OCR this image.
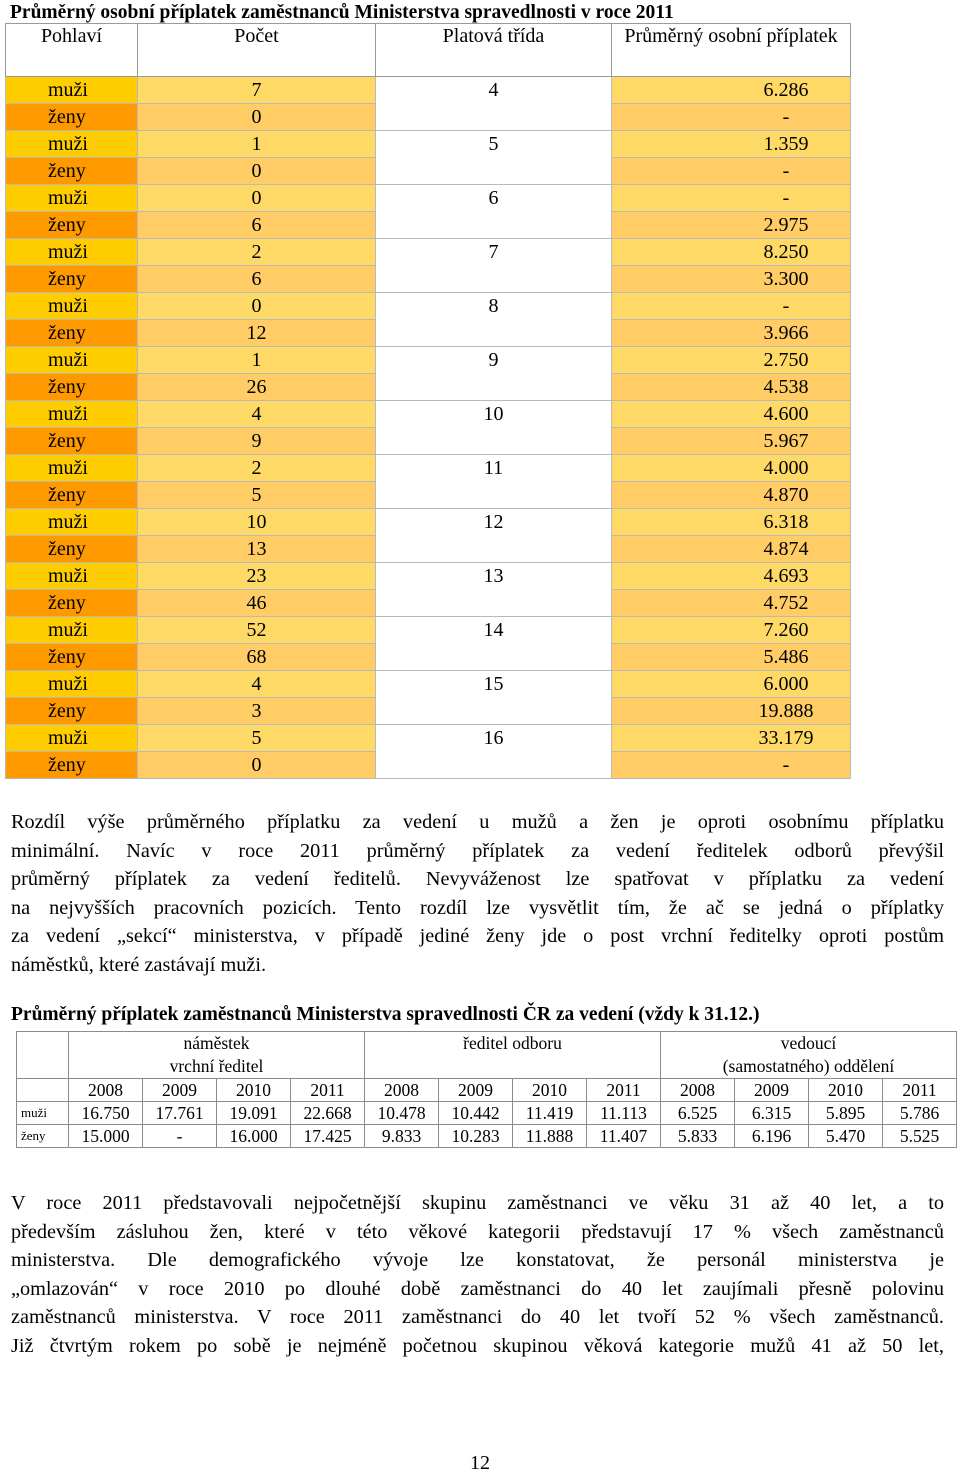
Průměrný osobní příplatek zaměstnanců Ministerstva spravedlnosti v roce 2011
Pohlaví	Počet	Platová třída	Průměrný osobní příplatek
muži	7	4	6.286
ženy	0		-
muži	1	5	1.359
ženy	0		-
muži	0	6	-
ženy	6		2.975
muži	2	7	8.250
ženy	6		3.300
muži	0	8	-
ženy	12		3.966
muži	1	9	2.750
ženy	26		4.538
muži	4	10	4.600
ženy	9		5.967
muži	2	11	4.000
ženy	5		4.870
muži	10	12	6.318
ženy	13		4.874
muži	23	13	4.693
ženy	46		4.752
muži	52	14	7.260
ženy	68		5.486
muži	4	15	6.000
ženy	3		19.888
muži	5	16	33.179
ženy	0		-
Rozdíl výše průměrného příplatku za vedení u mužů a žen je oproti osobnímu příplatku
minimální. Navíc v roce 2011 průměrný příplatek za vedení ředitelek odborů převýšil
průměrný příplatek za vedení ředitelů. Nevyváženost lze spatřovat v příplatku za vedení
na nejvyšších pracovních pozicích. Tento rozdíl lze vysvětlit tím, že ač se jedná o příplatky
za vedení „sekcí“ ministerstva, v případě jediné ženy jde o post vrchní ředitelky oproti postům
náměstků, které zastávají muži.
Průměrný příplatek zaměstnanců Ministerstva spravedlnosti ČR za vedení (vždy k 31.12.)
	náměstek
vrchní ředitel				ředitel odboru				vedoucí
(samostatného) oddělení			
	2008	2009	2010	2011	2008	2009	2010	2011	2008	2009	2010	2011
muži	16.750	17.761	19.091	22.668	10.478	10.442	11.419	11.113	6.525	6.315	5.895	5.786
ženy	15.000	-	16.000	17.425	9.833	10.283	11.888	11.407	5.833	6.196	5.470	5.525
V roce 2011 představovali nejpočetnější skupinu zaměstnanci ve věku 31 až 40 let, a to
především zásluhou žen, které v této věkové kategorii představují 17 % všech zaměstnanců
ministerstva. Dle demografického vývoje lze konstatovat, že personál ministerstva je
„omlazován“ v roce 2010 po dlouhé době zaměstnanci do 40 let zaujímali přesně polovinu
zaměstnanců ministerstva. V roce 2011 zaměstnanci do 40 let tvoří 52 % všech zaměstnanců.
Již čtvrtým rokem po sobě je nejméně početnou skupinou věková kategorie mužů 41 až 50 let,
12
